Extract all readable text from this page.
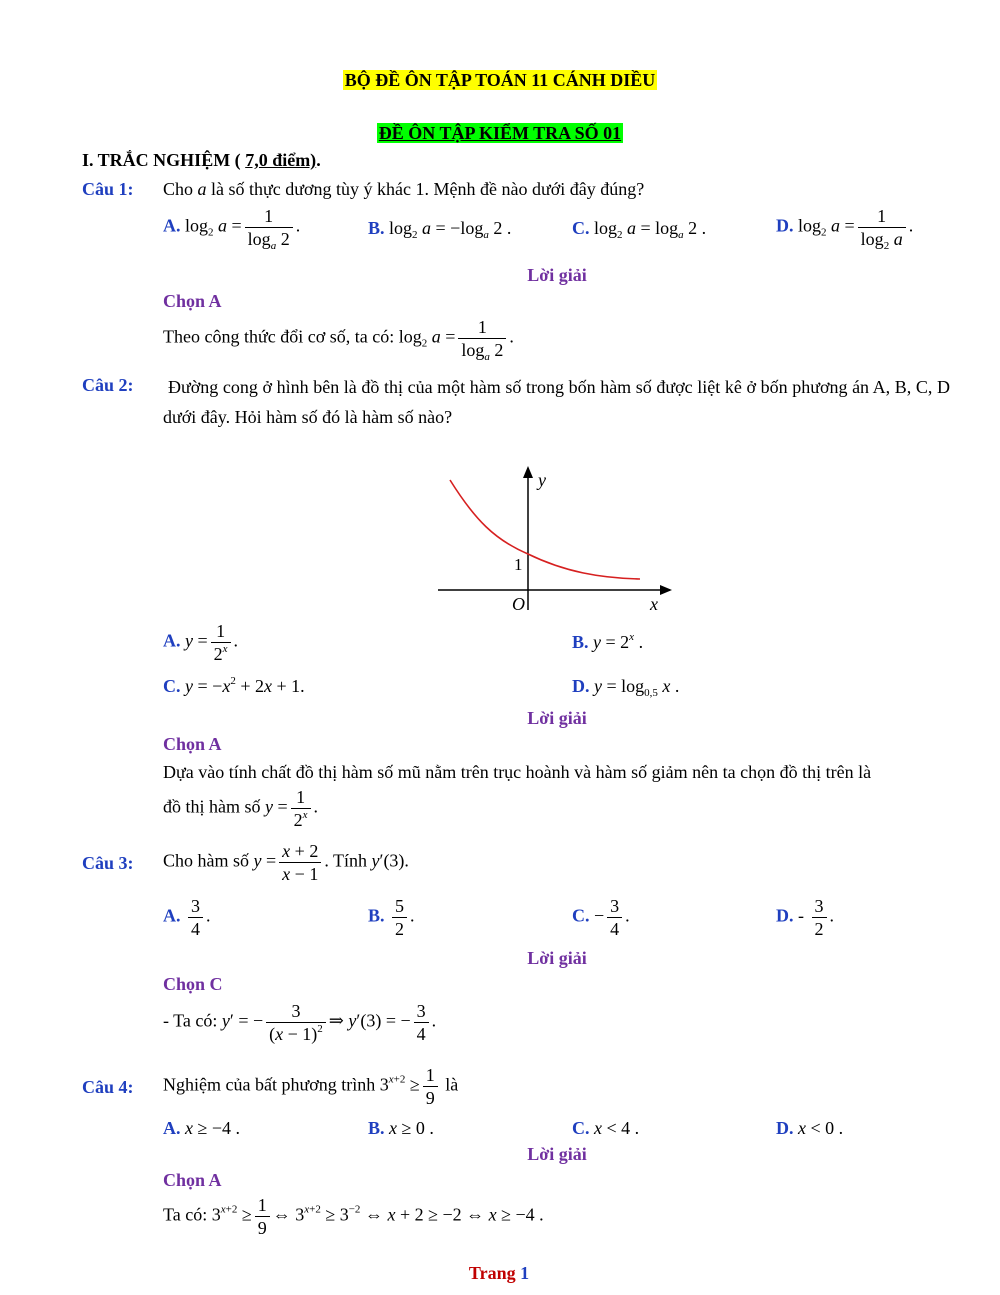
BỘ ĐỀ ÔN TẬP TOÁN 11 CÁNH DIỀU
ĐỀ ÔN TẬP KIỂM TRA SỐ 01
I. TRẮC NGHIỆM ( 7,0 điểm).
Câu 1: Cho a là số thực dương tùy ý khác 1. Mệnh đề nào dưới đây đúng?
A. $\log_2 a = \frac{1}{\log_a 2}$ .	B. $\log_2 a = -\log_a$ 2 .	C. $\log_2 a = \log_a 2$ .	D. $\log_2 a = \frac{1}{\log_2 a}$ .
Lời giải
Chọn A
Theo công thức đổi cơ số, ta có: $\log_2 a = \frac{1}{\log_a 2}$ .
Câu 2: Đường cong ở hình bên là đồ thị của một hàm số trong bốn hàm số được liệt kê ở bốn phương án A, B, C, D dưới đây. Hỏi hàm số đó là hàm số nào?
y
x
O
1
A. $y = \frac{1}{2^x}$ .	B. $y = 2^x$ .
C. $y = -x^2 + 2x + 1$.	D. $y = \log_{0,5} x$ .
Lời giải
Chọn A
Dựa vào tính chất đồ thị hàm số mũ nằm trên trục hoành và hàm số giảm nên ta chọn đồ thị trên là
đồ thị hàm số $y = \frac{1}{2^x}$ .
Câu 3: Cho hàm số $y = \frac{x + 2}{x - 1}$ . Tính y′(3).
A. $\frac{3}{4}$ .	B. $\frac{5}{2}$ .	C. − $\frac{3}{4}$ .	D. - $\frac{3}{2}$ .
Lời giải
Chọn C
- Ta có: y′ = − $\frac{3}{(x - 1)^2}$ ⇒ y′(3) = − $\frac{3}{4}$ .
Câu 4: Nghiệm của bất phương trình $3^{x+2} \ge \frac{1}{9}$ là
A. x ≥ −4 .	B. x ≥ 0 .	C. x < 4 .	D. x < 0 .
Lời giải
Chọn A
Ta có: $3^{x+2} \ge \frac{1}{9}$ ⇔ $3^{x+2} \ge 3^{-2}$ ⇔ x + 2 ≥ −2 ⇔ x ≥ −4 .
Trang 1
